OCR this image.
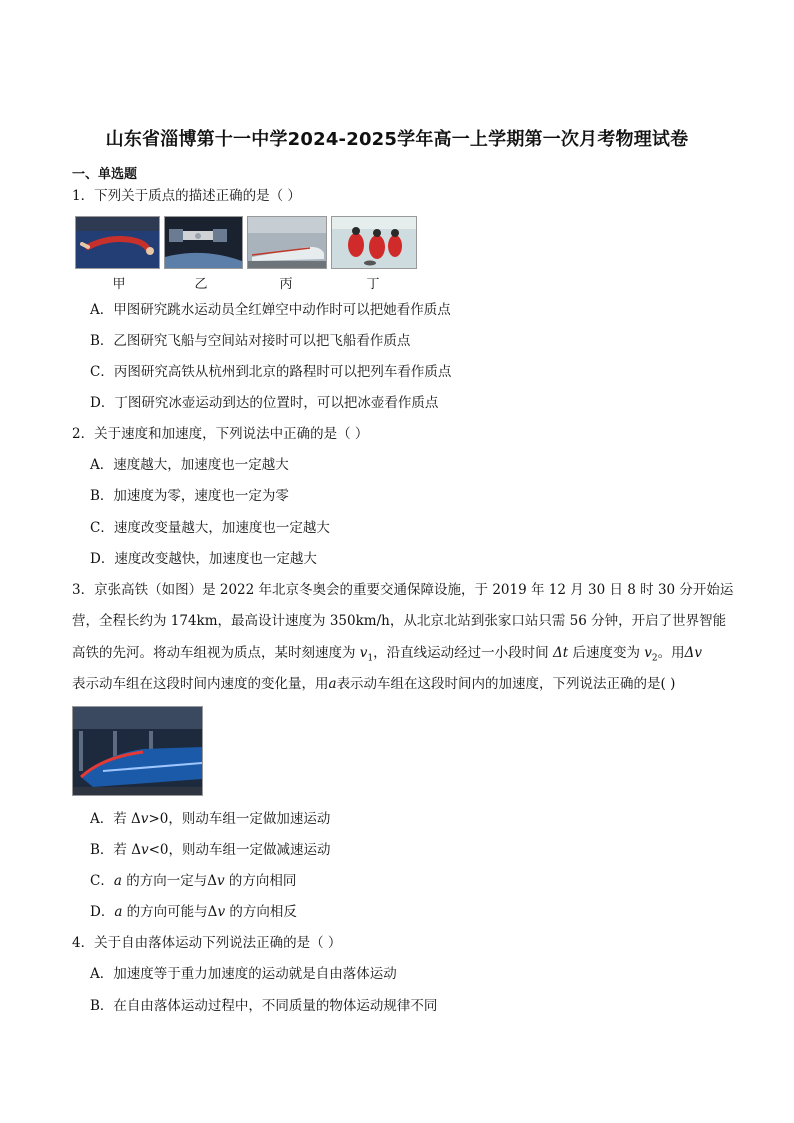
山东省淄博第十一中学2024-2025学年高一上学期第一次月考物理试卷
一、单选题
1．下列关于质点的描述正确的是（ ）
甲	乙	丙	丁
A．甲图研究跳水运动员全红婵空中动作时可以把她看作质点
B．乙图研究飞船与空间站对接时可以把飞船看作质点
C．丙图研究高铁从杭州到北京的路程时可以把列车看作质点
D．丁图研究冰壶运动到达的位置时，可以把冰壶看作质点
2．关于速度和加速度，下列说法中正确的是（ ）
A．速度越大，加速度也一定越大
B．加速度为零，速度也一定为零
C．速度改变量越大，加速度也一定越大
D．速度改变越快，加速度也一定越大
3．京张高铁（如图）是 2022 年北京冬奥会的重要交通保障设施，于 2019 年 12 月 30 日 8 时 30 分开始运
营，全程长约为 174km，最高设计速度为 350km/h，从北京北站到张家口站只需 56 分钟，开启了世界智能
高铁的先河。将动车组视为质点，某时刻速度为 $v_1$，沿直线运动经过一小段时间 Δt 后速度变为 $v_2$。用Δv
表示动车组在这段时间内速度的变化量，用a表示动车组在这段时间内的加速度，下列说法正确的是( )
A．若 Δv>0，则动车组一定做加速运动
B．若 Δv<0，则动车组一定做减速运动
C．a 的方向一定与Δv 的方向相同
D．a 的方向可能与Δv 的方向相反
4．关于自由落体运动下列说法正确的是（ ）
A．加速度等于重力加速度的运动就是自由落体运动
B．在自由落体运动过程中，不同质量的物体运动规律不同
